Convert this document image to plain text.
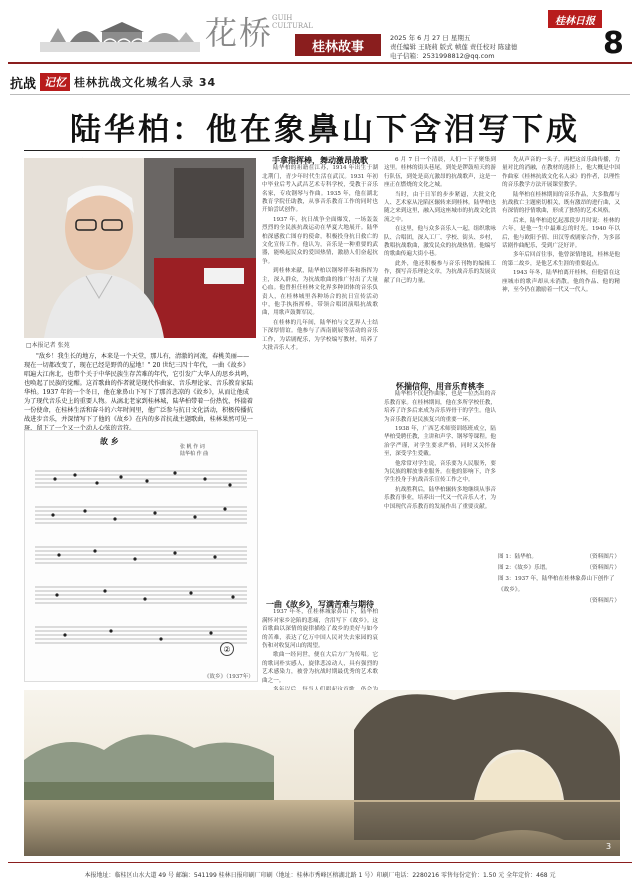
花桥
GUIH CULTURAL
桂林故事
2025 年 6 月 27 日 星期五
责任编辑 王晓莉 版式 帧莲 责任校对 陈建德
电子信箱：2531998812@qq.com
桂林日报
8
抗战 记忆 桂林抗战文化城名人录 34
陆华柏：他在象鼻山下含泪写下成
□本报记者 张苑
"敌乡！我生长的地方，本来是一个天堂，那儿有，清澈的河流，春桃美丽——现在一切都改变了，现在已经是野兽的屋地！" 20 世纪三四十年代，一曲《故乡》唱遍大江南北，也带个关于中华民族生存苦难的年代，它引发广大华人的思乡共鸣，也唤起了民族的觉醒。这首歌曲的作者就是现代作曲家、音乐理论家、音乐教育家陆华柏。1937 年的一个冬日，他在象鼻山下写下了那首悲凉的《故乡》，从而让他成为了现代音乐史上的重要人物。从漓北老家到桂林城，陆华柏带着一份热忱，怀揣着一份使命，在桂林生活和奋斗的六年时间里，他广泛参与抗日文化活动，积极传播抗战进步音乐，并深情写下了他的《故乡》在内的多首抗战主题歌曲，桂林果然可见一斑，留下了一个又一个动人心弦的音符。
故 乡
张 帆 作 词
陆华柏 作 曲
②
《故乡》（1937年）
手拿指挥棒，舞动激昂战歌

陆华柏的祖籍在江苏，1914 年出生于湖北荆门，青少年时代生活在武汉。1931 年初中毕业后考入武昌艺术专科学校，受教于音乐名家，专攻钢琴与作曲。1935 年，他在湖北教育学院任助教，从事音乐教育工作的同时也开始尝试创作。

1937 年，抗日战争全面爆发，一场轰轰烈烈的全民族抗战运动在华夏大地展开。陆华柏深感救亡图存的使命，积极投身抗日救亡的文化宣传工作。他认为，音乐是一种重要的武器，能唤起民众的爱国热情，激励人们奋起抗争。

到桂林来献，陆华柏以钢琴伴奏和指挥为主，深入群众，为抗战歌曲的推广付出了大量心血。他曾担任桂林文化界多种团体的音乐负责人，在桂林城里各种场合的抗日宣传活动中，他手执指挥棒，带领合唱团演唱抗战歌曲，用歌声鼓舞军民。

在桂林的几年间，陆华柏与文艺界人士结下深厚情谊。他参与了西南剧展等活动的音乐工作，为话剧配乐，为学校编写教材，培养了大批音乐人才。

一曲《故乡》，写满苦难与期待

1937 年冬，在桂林城象鼻山下，陆华柏满怀对家乡沦陷的悲痛，含泪写下《故乡》。这首歌曲以深情的旋律描绘了故乡的美好与如今的苦难，表达了亿万中国人民对失去家园的哀伤和对收复河山的渴望。

歌曲一经问世，便在大后方广为传唱。它的歌词朴实感人，旋律悲凉动人，具有强烈的艺术感染力，被誉为抗战时期最优秀的艺术歌曲之一。

6 月 7 日一个清晨，人们一下子聚集到这里。桂林的街头巷尾，到处是锣鼓喧天的游行队伍，到处是高亢激昂的抗战歌声，这是一座正在燃烧的文化之城。

当时，由于日军的步步紧逼，大批文化人、艺术家从沦陷区辗转来到桂林。陆华柏也随之来到这里，融入到这座城市的抗战文化洪流之中。

在这里，他与众多音乐人一起，组织歌咏队、合唱团，深入工厂、学校、街头、乡村，教唱抗战歌曲，激发民众的抗战热情。他编写的歌曲传遍大街小巷。

此外，他还积极参与音乐刊物的编辑工作，撰写音乐理论文章，为抗战音乐的发展贡献了自己的力量。

怀揣信仰，用音乐育桃李

陆华柏不仅是作曲家，也是一位杰出的音乐教育家。在桂林期间，他在多所学校任教，培养了许多后来成为音乐界骨干的学生。他认为音乐教育是民族复兴的重要一环。

1938 年，广西艺术师资训练班成立，陆华柏受聘任教，主讲和声学、钢琴等课程。他治学严谨，对学生要求严格，同时又关怀备至，深受学生爱戴。

他常常对学生说，音乐要为人民服务，要为民族的解放事业服务。在他的影响下，许多学生投身于抗战音乐宣传工作之中。

抗战胜利后，陆华柏辗转多地继续从事音乐教育事业，培养出一代又一代音乐人才，为中国现代音乐教育的发展作出了重要贡献。

先从声音的一头子，再把这首乐曲传播，力量对比的消融，在教材的选择上，他大概是中国作曲家《桂林抗战文化名人录》的作者，以理性的音乐教学方法开展课堂教学。

陆华柏在桂林期间的音乐作品，大多数都与抗战救亡主题密切相关，既有激昂的进行曲，又有深情的抒情歌曲，形成了独特的艺术风格。

后来，陆华柏追忆起那段岁月时说：桂林的六年，是他一生中最难忘的时光。1940 年以后，他与欧阳予倩、田汉等戏剧家合作，为多部话剧作曲配乐，受到广泛好评。

多年后回首往事，他曾深情地说，桂林是他的第二故乡，是他艺术生涯的重要起点。

1943 年冬，陆华柏离开桂林，但他留在这座城市的歌声却从未消散。他的作品、他的精神，至今仍在激励着一代又一代人。

图 1：陆华柏。	（资料图片）
图 2：《故乡》乐谱。	（资料图片）
图 3：1937 年，陆华柏在桂林象鼻山下创作了《故乡》。
（资料图片）
3
本报地址：临桂区山水大道 49 号 邮编：541199 桂林日报印刷厂印刷（地址：桂林市秀峰区榕湖北路 1 号）印刷厂电话：2280216 零售每份定价：1.50 元 全年定价：468 元
